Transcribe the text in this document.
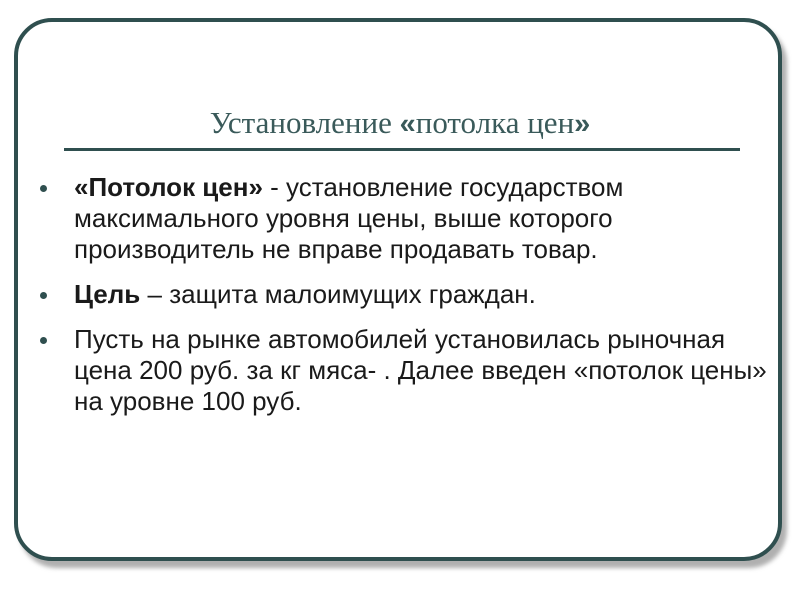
Установление «потолка цен»
«Потолок цен» - установление государством максимального уровня цены, выше которого производитель не вправе продавать товар.
Цель – защита малоимущих граждан.
Пусть на рынке автомобилей установилась рыночная цена 200 руб. за кг мяса- . Далее введен «потолок цены» на уровне 100 руб.
